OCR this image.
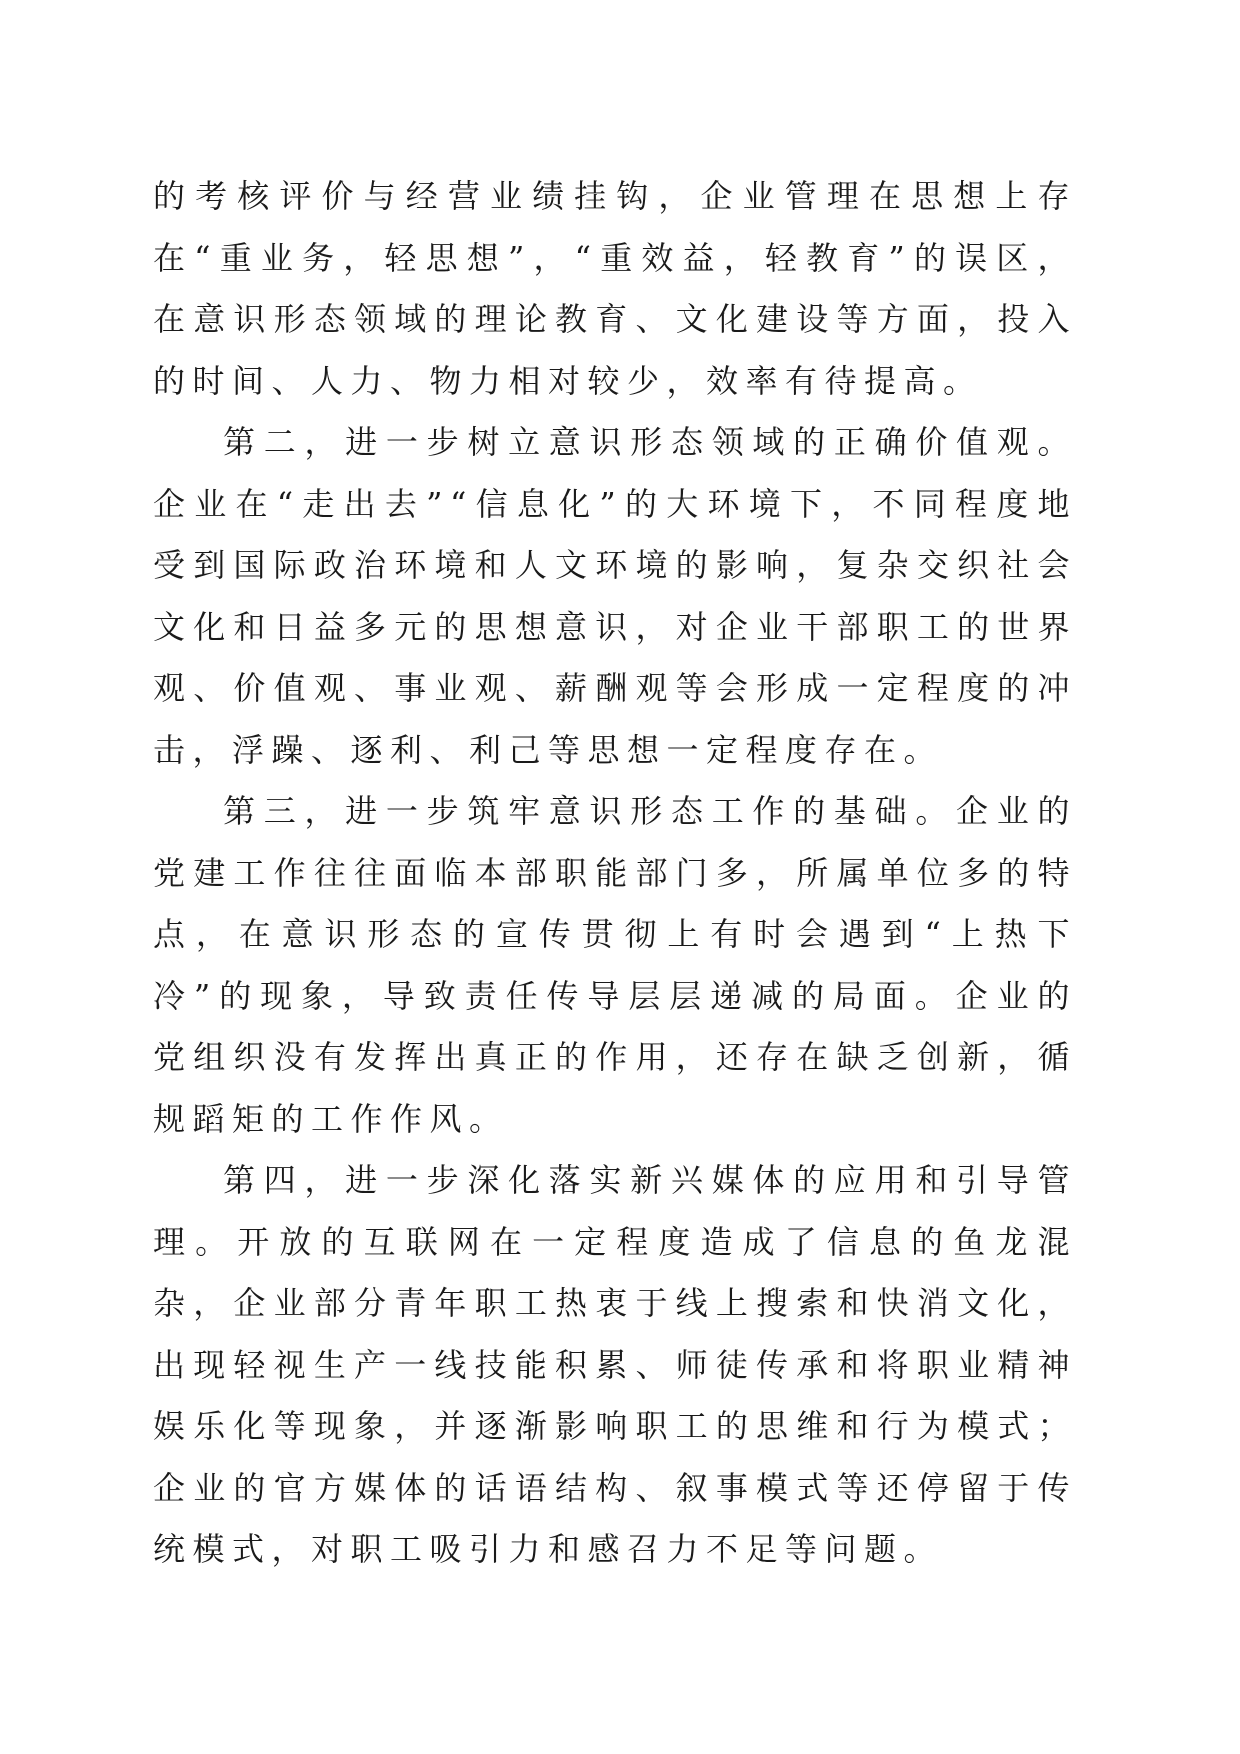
的考核评价与经营业绩挂钩，企业管理在思想上存在“重业务，轻思想”，“重效益，轻教育”的误区，在意识形态领域的理论教育、文化建设等方面，投入的时间、人力、物力相对较少，效率有待提高。

第二，进一步树立意识形态领域的正确价值观。企业在“走出去”“信息化”的大环境下，不同程度地受到国际政治环境和人文环境的影响，复杂交织社会文化和日益多元的思想意识，对企业干部职工的世界观、价值观、事业观、薪酬观等会形成一定程度的冲击，浮躁、逐利、利己等思想一定程度存在。

第三，进一步筑牢意识形态工作的基础。企业的党建工作往往面临本部职能部门多，所属单位多的特点，在意识形态的宣传贯彻上有时会遇到“上热下冷”的现象，导致责任传导层层递减的局面。企业的党组织没有发挥出真正的作用，还存在缺乏创新，循规蹈矩的工作作风。

第四，进一步深化落实新兴媒体的应用和引导管理。开放的互联网在一定程度造成了信息的鱼龙混杂，企业部分青年职工热衷于线上搜索和快消文化，出现轻视生产一线技能积累、师徒传承和将职业精神娱乐化等现象，并逐渐影响职工的思维和行为模式；企业的官方媒体的话语结构、叙事模式等还停留于传统模式，对职工吸引力和感召力不足等问题。
